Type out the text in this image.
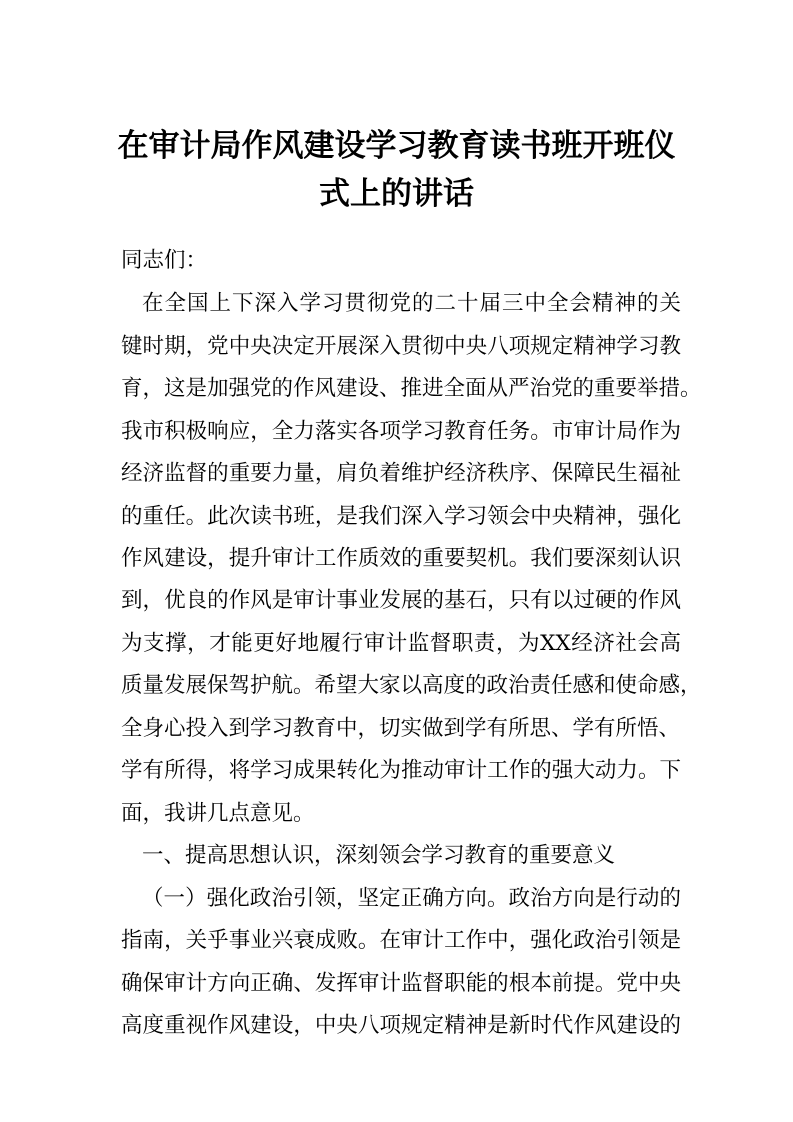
在审计局作风建设学习教育读书班开班仪
式上的讲话

同志们：

在全国上下深入学习贯彻党的二十届三中全会精神的关

键时期，党中央决定开展深入贯彻中央八项规定精神学习教

育，这是加强党的作风建设、推进全面从严治党的重要举措。

我市积极响应，全力落实各项学习教育任务。市审计局作为

经济监督的重要力量，肩负着维护经济秩序、保障民生福祉

的重任。此次读书班，是我们深入学习领会中央精神，强化

作风建设，提升审计工作质效的重要契机。我们要深刻认识

到，优良的作风是审计事业发展的基石，只有以过硬的作风

为支撑，才能更好地履行审计监督职责，为XX经济社会高

质量发展保驾护航。希望大家以高度的政治责任感和使命感，

全身心投入到学习教育中，切实做到学有所思、学有所悟、

学有所得，将学习成果转化为推动审计工作的强大动力。下

面，我讲几点意见。

一、提高思想认识，深刻领会学习教育的重要意义

（一）强化政治引领，坚定正确方向。政治方向是行动的

指南，关乎事业兴衰成败。在审计工作中，强化政治引领是

确保审计方向正确、发挥审计监督职能的根本前提。党中央

高度重视作风建设，中央八项规定精神是新时代作风建设的
